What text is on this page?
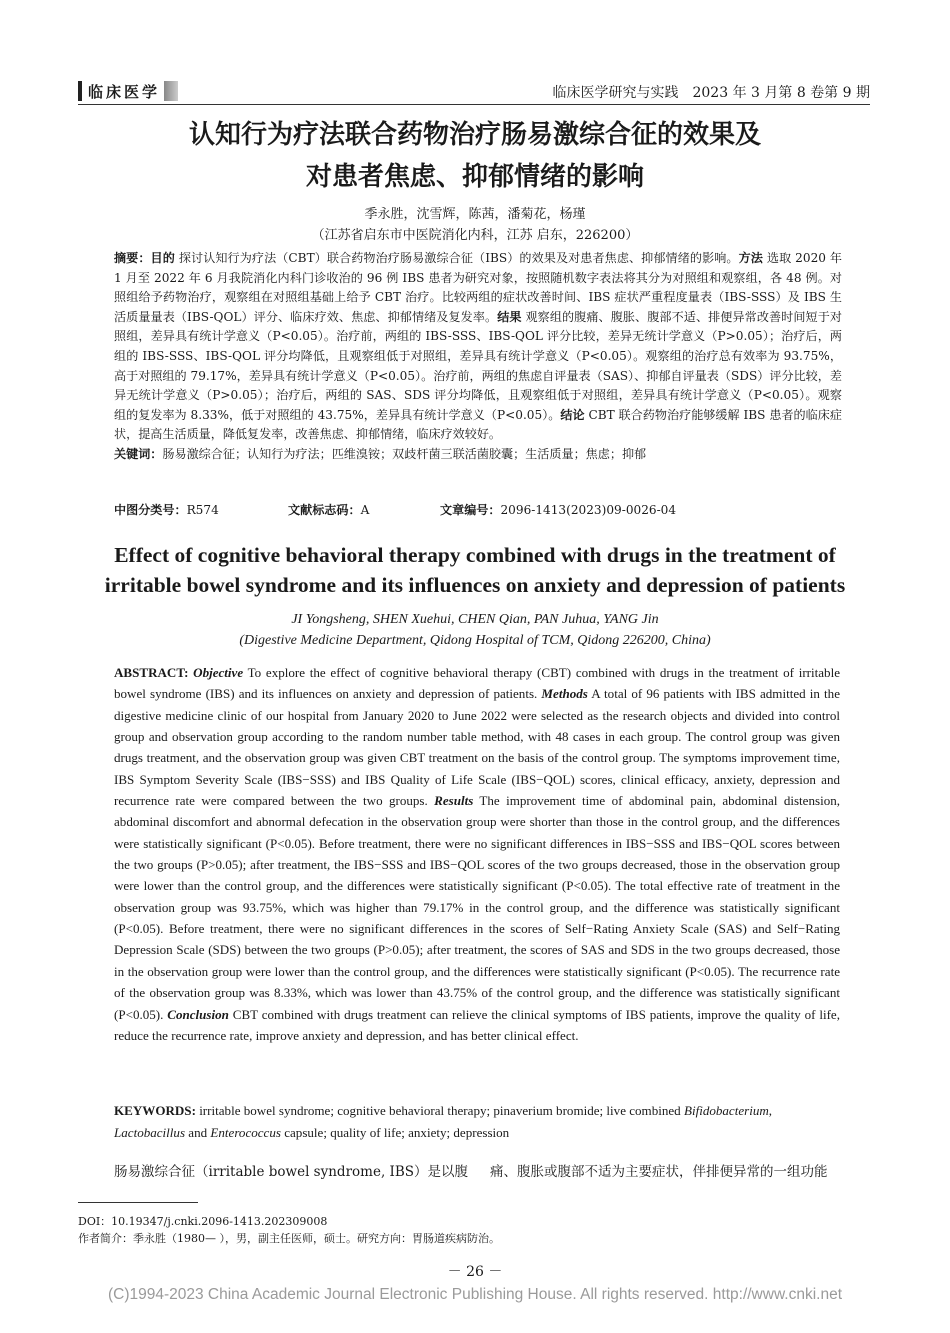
临床医学	临床医学研究与实践　2023 年 3 月第 8 卷第 9 期
认知行为疗法联合药物治疗肠易激综合征的效果及
对患者焦虑、抑郁情绪的影响
季永胜，沈雪辉，陈茜，潘菊花，杨瑾
（江苏省启东市中医院消化内科，江苏 启东，226200）
摘要：目的 探讨认知行为疗法（CBT）联合药物治疗肠易激综合征（IBS）的效果及对患者焦虑、抑郁情绪的影响。方法 选取 2020 年 1 月至 2022 年 6 月我院消化内科门诊收治的 96 例 IBS 患者为研究对象，按照随机数字表法将其分为对照组和观察组，各 48 例。对照组给予药物治疗，观察组在对照组基础上给予 CBT 治疗。比较两组的症状改善时间、IBS 症状严重程度量表（IBS-SSS）及 IBS 生活质量量表（IBS-QOL）评分、临床疗效、焦虑、抑郁情绪及复发率。结果 观察组的腹痛、腹胀、腹部不适、排便异常改善时间短于对照组，差异具有统计学意义（P<0.05）。治疗前，两组的 IBS-SSS、IBS-QOL 评分比较，差异无统计学意义（P>0.05）；治疗后，两组的 IBS-SSS、IBS-QOL 评分均降低，且观察组低于对照组，差异具有统计学意义（P<0.05）。观察组的治疗总有效率为 93.75%，高于对照组的 79.17%，差异具有统计学意义（P<0.05）。治疗前，两组的焦虑自评量表（SAS）、抑郁自评量表（SDS）评分比较，差异无统计学意义（P>0.05）；治疗后，两组的 SAS、SDS 评分均降低，且观察组低于对照组，差异具有统计学意义（P<0.05）。观察组的复发率为 8.33%，低于对照组的 43.75%，差异具有统计学意义（P<0.05）。结论 CBT 联合药物治疗能够缓解 IBS 患者的临床症状，提高生活质量，降低复发率，改善焦虑、抑郁情绪，临床疗效较好。
关键词：肠易激综合征；认知行为疗法；匹维溴铵；双歧杆菌三联活菌胶囊；生活质量；焦虑；抑郁
中图分类号：R574	文献标志码：A	文章编号：2096-1413(2023)09-0026-04
Effect of cognitive behavioral therapy combined with drugs in the treatment of
irritable bowel syndrome and its influences on anxiety and depression of patients
JI Yongsheng, SHEN Xuehui, CHEN Qian, PAN Juhua, YANG Jin
(Digestive Medicine Department, Qidong Hospital of TCM, Qidong 226200, China)
ABSTRACT: Objective To explore the effect of cognitive behavioral therapy (CBT) combined with drugs in the treatment of irritable bowel syndrome (IBS) and its influences on anxiety and depression of patients. Methods A total of 96 patients with IBS admitted in the digestive medicine clinic of our hospital from January 2020 to June 2022 were selected as the research objects and divided into control group and observation group according to the random number table method, with 48 cases in each group. The control group was given drugs treatment, and the observation group was given CBT treatment on the basis of the control group. The symptoms improvement time, IBS Symptom Severity Scale (IBS−SSS) and IBS Quality of Life Scale (IBS−QOL) scores, clinical efficacy, anxiety, depression and recurrence rate were compared between the two groups. Results The improvement time of abdominal pain, abdominal distension, abdominal discomfort and abnormal defecation in the observation group were shorter than those in the control group, and the differences were statistically significant (P<0.05). Before treatment, there were no significant differences in IBS−SSS and IBS−QOL scores between the two groups (P>0.05); after treatment, the IBS−SSS and IBS−QOL scores of the two groups decreased, those in the observation group were lower than the control group, and the differences were statistically significant (P<0.05). The total effective rate of treatment in the observation group was 93.75%, which was higher than 79.17% in the control group, and the difference was statistically significant (P<0.05). Before treatment, there were no significant differences in the scores of Self−Rating Anxiety Scale (SAS) and Self−Rating Depression Scale (SDS) between the two groups (P>0.05); after treatment, the scores of SAS and SDS in the two groups decreased, those in the observation group were lower than the control group, and the differences were statistically significant (P<0.05). The recurrence rate of the observation group was 8.33%, which was lower than 43.75% of the control group, and the difference was statistically significant (P<0.05). Conclusion CBT combined with drugs treatment can relieve the clinical symptoms of IBS patients, improve the quality of life, reduce the recurrence rate, improve anxiety and depression, and has better clinical effect.
KEYWORDS: irritable bowel syndrome; cognitive behavioral therapy; pinaverium bromide; live combined Bifidobacterium, Lactobacillus and Enterococcus capsule; quality of life; anxiety; depression
肠易激综合征（irritable bowel syndrome, IBS）是以腹 痛、腹胀或腹部不适为主要症状，伴排便异常的一组功能
DOI：10.19347/j.cnki.2096-1413.202309008
作者简介：季永胜（1980— ），男，副主任医师，硕士。研究方向：胃肠道疾病防治。
－ 26 －
(C)1994-2023 China Academic Journal Electronic Publishing House. All rights reserved. http://www.cnki.net
